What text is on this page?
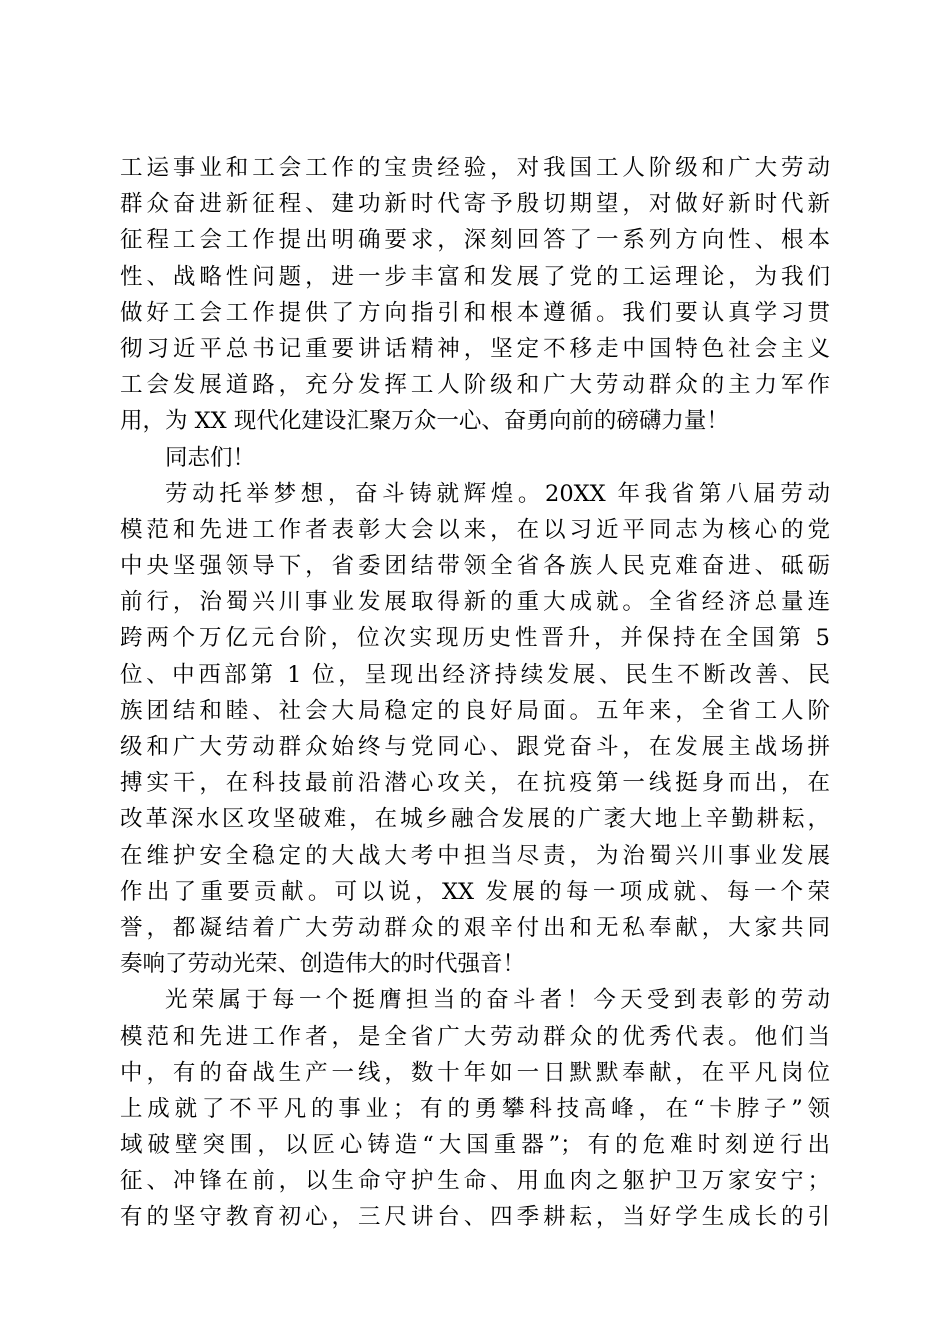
工运事业和工会工作的宝贵经验，对我国工人阶级和广大劳动
群众奋进新征程、建功新时代寄予殷切期望，对做好新时代新
征程工会工作提出明确要求，深刻回答了一系列方向性、根本
性、战略性问题，进一步丰富和发展了党的工运理论，为我们
做好工会工作提供了方向指引和根本遵循。我们要认真学习贯
彻习近平总书记重要讲话精神，坚定不移走中国特色社会主义
工会发展道路，充分发挥工人阶级和广大劳动群众的主力军作
用，为 XX 现代化建设汇聚万众一心、奋勇向前的磅礴力量！
同志们！
劳动托举梦想，奋斗铸就辉煌。20XX 年我省第八届劳动
模范和先进工作者表彰大会以来，在以习近平同志为核心的党
中央坚强领导下，省委团结带领全省各族人民克难奋进、砥砺
前行，治蜀兴川事业发展取得新的重大成就。全省经济总量连
跨两个万亿元台阶，位次实现历史性晋升，并保持在全国第 5
位、中西部第 1 位，呈现出经济持续发展、民生不断改善、民
族团结和睦、社会大局稳定的良好局面。五年来，全省工人阶
级和广大劳动群众始终与党同心、跟党奋斗，在发展主战场拼
搏实干，在科技最前沿潜心攻关，在抗疫第一线挺身而出，在
改革深水区攻坚破难，在城乡融合发展的广袤大地上辛勤耕耘，
在维护安全稳定的大战大考中担当尽责，为治蜀兴川事业发展
作出了重要贡献。可以说，XX 发展的每一项成就、每一个荣
誉，都凝结着广大劳动群众的艰辛付出和无私奉献，大家共同
奏响了劳动光荣、创造伟大的时代强音！
光荣属于每一个挺膺担当的奋斗者！今天受到表彰的劳动
模范和先进工作者，是全省广大劳动群众的优秀代表。他们当
中，有的奋战生产一线，数十年如一日默默奉献，在平凡岗位
上成就了不平凡的事业；有的勇攀科技高峰，在“卡脖子”领
域破壁突围，以匠心铸造“大国重器”；有的危难时刻逆行出
征、冲锋在前，以生命守护生命、用血肉之躯护卫万家安宁；
有的坚守教育初心，三尺讲台、四季耕耘，当好学生成长的引
